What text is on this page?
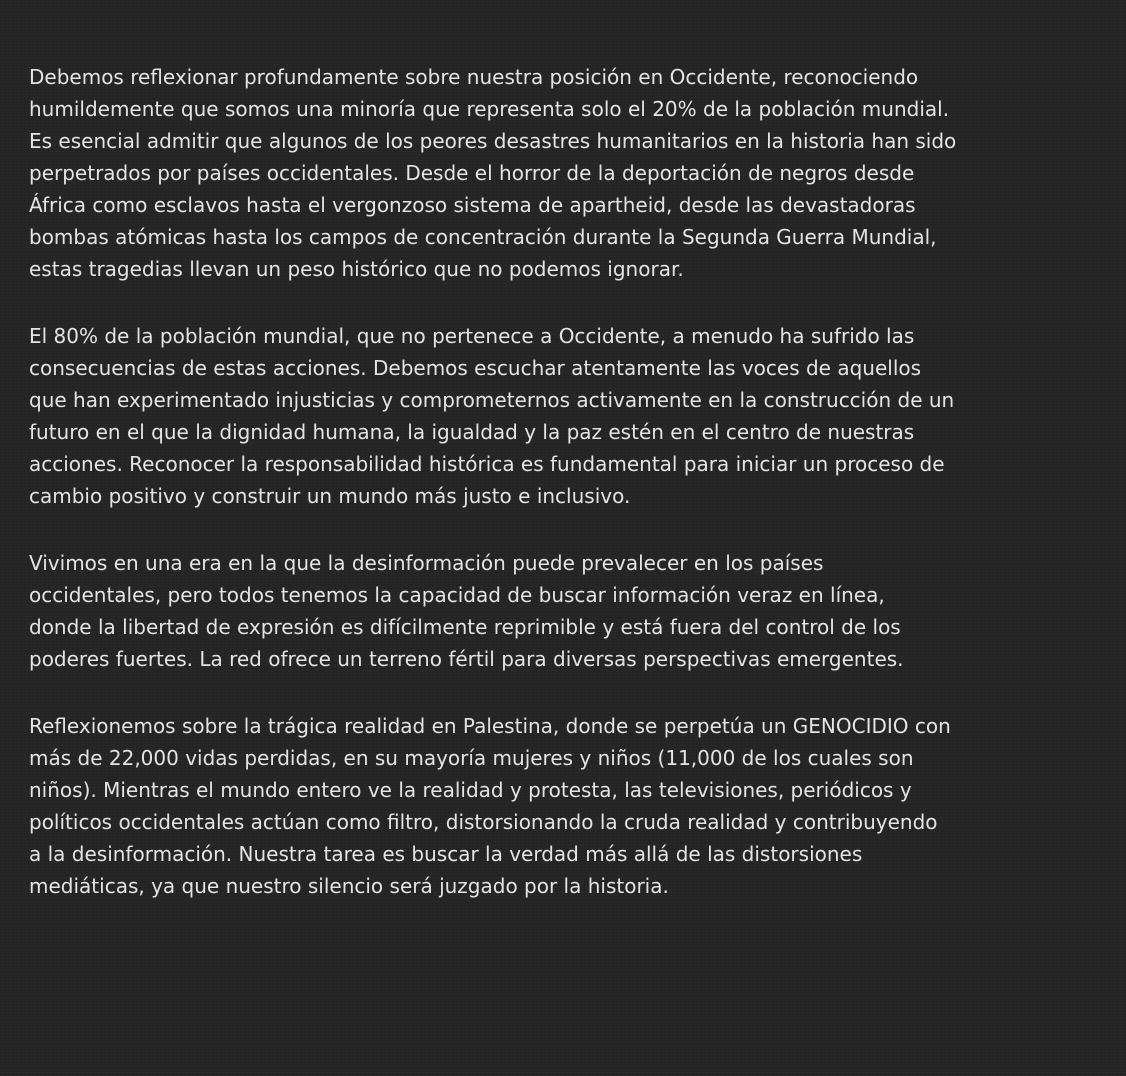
Debemos reflexionar profundamente sobre nuestra posición en Occidente, reconociendo
humildemente que somos una minoría que representa solo el 20% de la población mundial.
Es esencial admitir que algunos de los peores desastres humanitarios en la historia han sido
perpetrados por países occidentales. Desde el horror de la deportación de negros desde
África como esclavos hasta el vergonzoso sistema de apartheid, desde las devastadoras
bombas atómicas hasta los campos de concentración durante la Segunda Guerra Mundial,
estas tragedias llevan un peso histórico que no podemos ignorar.

El 80% de la población mundial, que no pertenece a Occidente, a menudo ha sufrido las
consecuencias de estas acciones. Debemos escuchar atentamente las voces de aquellos
que han experimentado injusticias y comprometernos activamente en la construcción de un
futuro en el que la dignidad humana, la igualdad y la paz estén en el centro de nuestras
acciones. Reconocer la responsabilidad histórica es fundamental para iniciar un proceso de
cambio positivo y construir un mundo más justo e inclusivo.

Vivimos en una era en la que la desinformación puede prevalecer en los países
occidentales, pero todos tenemos la capacidad de buscar información veraz en línea,
donde la libertad de expresión es difícilmente reprimible y está fuera del control de los
poderes fuertes. La red ofrece un terreno fértil para diversas perspectivas emergentes.

Reflexionemos sobre la trágica realidad en Palestina, donde se perpetúa un GENOCIDIO con
más de 22,000 vidas perdidas, en su mayoría mujeres y niños (11,000 de los cuales son
niños). Mientras el mundo entero ve la realidad y protesta, las televisiones, periódicos y
políticos occidentales actúan como filtro, distorsionando la cruda realidad y contribuyendo
a la desinformación. Nuestra tarea es buscar la verdad más allá de las distorsiones
mediáticas, ya que nuestro silencio será juzgado por la historia.
